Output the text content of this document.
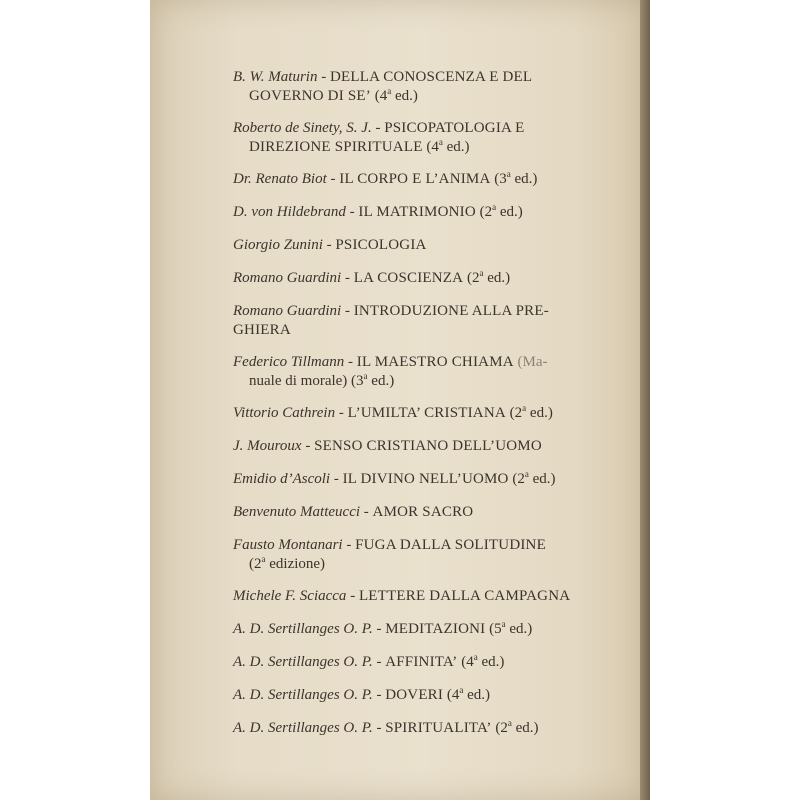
B. W. Maturin - DELLA CONOSCENZA E DEL
GOVERNO DI SE’ (4$^a$ ed.)
Roberto de Sinety, S. J. - PSICOPATOLOGIA E
DIREZIONE SPIRITUALE (4$^a$ ed.)
Dr. Renato Biot - IL CORPO E L’ANIMA (3$^a$ ed.)
D. von Hildebrand - IL MATRIMONIO (2$^a$ ed.)
Giorgio Zunini - PSICOLOGIA
Romano Guardini - LA COSCIENZA (2$^a$ ed.)
Romano Guardini - INTRODUZIONE ALLA PRE-
GHIERA
Federico Tillmann - IL MAESTRO CHIAMA (Ma-
nuale di morale) (3$^a$ ed.)
Vittorio Cathrein - L’UMILTA’ CRISTIANA (2$^a$ ed.)
J. Mouroux - SENSO CRISTIANO DELL’UOMO
Emidio d’Ascoli - IL DIVINO NELL’UOMO (2$^a$ ed.)
Benvenuto Matteucci - AMOR SACRO
Fausto Montanari - FUGA DALLA SOLITUDINE
(2$^a$ edizione)
Michele F. Sciacca - LETTERE DALLA CAMPAGNA
A. D. Sertillanges O. P. - MEDITAZIONI (5$^a$ ed.)
A. D. Sertillanges O. P. - AFFINITA’ (4$^a$ ed.)
A. D. Sertillanges O. P. - DOVERI (4$^a$ ed.)
A. D. Sertillanges O. P. - SPIRITUALITA’ (2$^a$ ed.)
